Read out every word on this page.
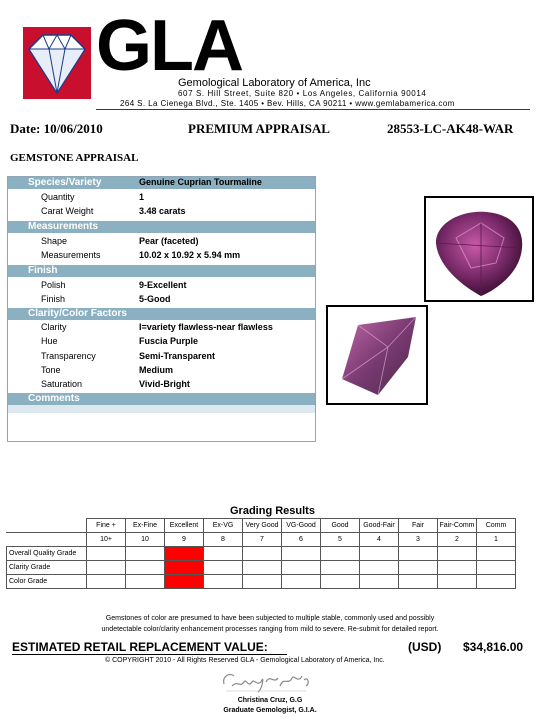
GLA
Gemological Laboratory of America, Inc
607 S. Hill Street, Suite 820 • Los Angeles, California 90014
264 S. La Cienega Blvd., Ste. 1405 • Bev. Hills, CA 90211 • www.gemlabamerica.com
Date: 10/06/2010	PREMIUM APPRAISAL	28553-LC-AK48-WAR
GEMSTONE APPRAISAL
Species/Variety	Genuine Cuprian Tourmaline
Quantity	1
Carat Weight	3.48 carats
Measurements
Shape	Pear (faceted)
Measurements	10.02 x 10.92 x 5.94 mm
Finish
Polish	9-Excellent
Finish	5-Good
Clarity/Color Factors
Clarity	I=variety flawless-near flawless
Hue	Fuscia Purple
Transparency	Semi-Transparent
Tone	Medium
Saturation	Vivid-Bright
Comments
Grading Results
	Fine +	Ex-Fine	Excellent	Ex-VG	Very Good	VG-Good	Good	Good-Fair	Fair	Fair-Comm	Comm
	10+	10	9	8	7	6	5	4	3	2	1
Overall Quality Grade											
Clarity Grade											
Color Grade											
Gemstones of color are presumed to have been subjected to multiple stable, commonly used and possibly
undetectable color/clarity enhancement processes ranging from mild to severe. Re-submit for detailed report.
ESTIMATED RETAIL REPLACEMENT VALUE:	(USD) $34,816.00
© COPYRIGHT 2010 - All Rights Reserved GLA - Gemological Laboratory of America, Inc.
Christina Cruz, G.G
Graduate Gemologist, G.I.A.
